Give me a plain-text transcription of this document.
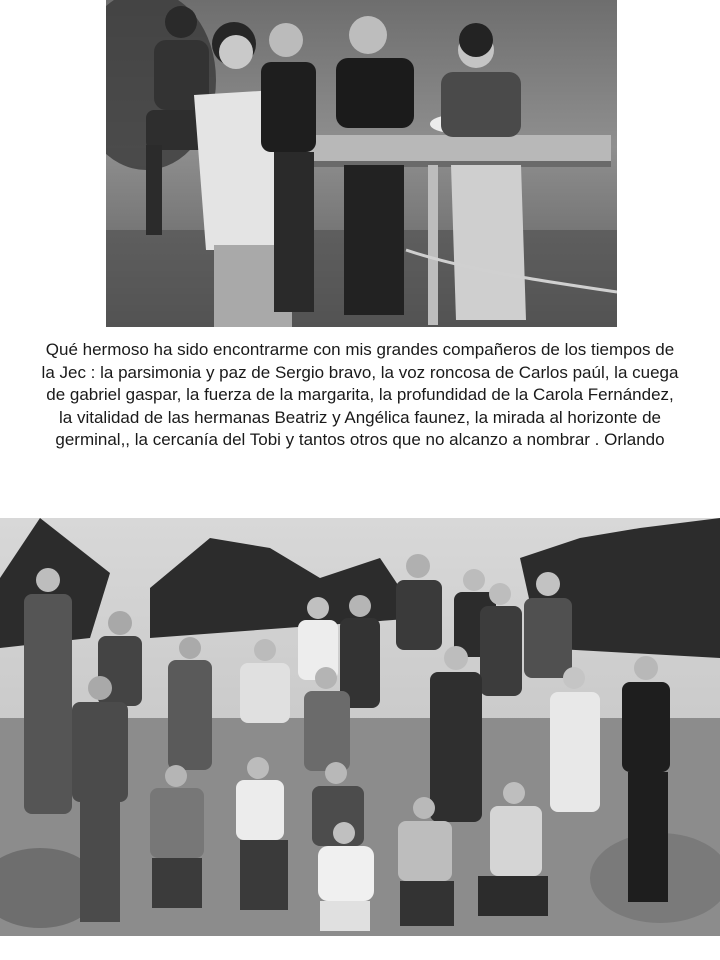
Qué hermoso ha sido encontrarme con mis grandes compañeros de los tiempos de la Jec : la parsimonia y paz de Sergio bravo, la voz roncosa de Carlos paúl, la cuega de gabriel gaspar, la fuerza de la margarita, la profundidad de la Carola Fernández, la vitalidad de las hermanas Beatriz y Angélica faunez, la mirada al horizonte de germinal,, la cercanía del Tobi y tantos otros que no alcanzo a nombrar . Orlando
